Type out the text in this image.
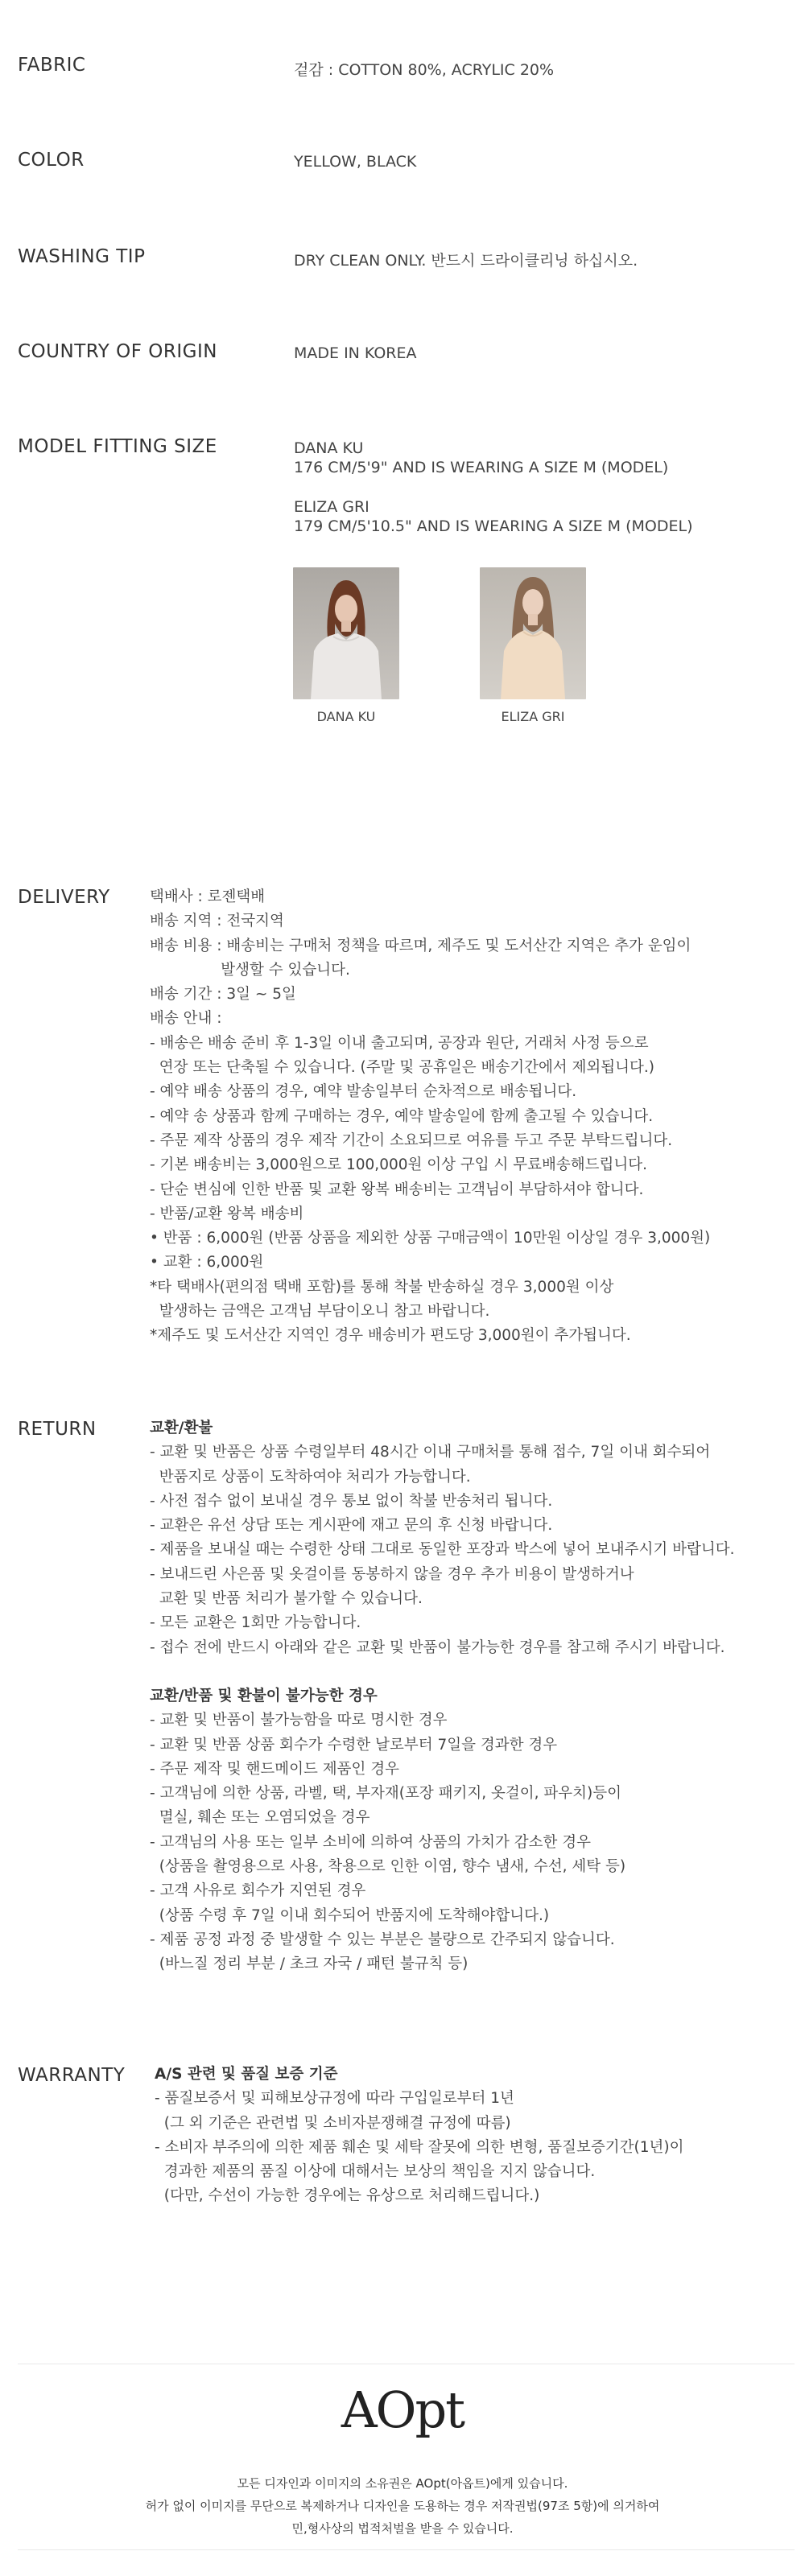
FABRIC	겉감 : COTTON 80%, ACRYLIC 20%
COLOR	YELLOW, BLACK
WASHING TIP	DRY CLEAN ONLY. 반드시 드라이클리닝 하십시오.
COUNTRY OF ORIGIN	MADE IN KOREA
MODEL FITTING SIZE	DANA KU
176 CM/5'9" AND IS WEARING A SIZE M (MODEL)
ELIZA GRI
179 CM/5'10.5" AND IS WEARING A SIZE M (MODEL)
DANA KU	ELIZA GRI
DELIVERY	택배사 : 로젠택배
배송 지역 : 전국지역
배송 비용 : 배송비는 구매처 정책을 따르며, 제주도 및 도서산간 지역은 추가 운임이
발생할 수 있습니다.
배송 기간 : 3일 ~ 5일
배송 안내 :
- 배송은 배송 준비 후 1-3일 이내 출고되며, 공장과 원단, 거래처 사정 등으로
연장 또는 단축될 수 있습니다. (주말 및 공휴일은 배송기간에서 제외됩니다.)
- 예약 배송 상품의 경우, 예약 발송일부터 순차적으로 배송됩니다.
- 예약 송 상품과 함께 구매하는 경우, 예약 발송일에 함께 출고될 수 있습니다.
- 주문 제작 상품의 경우 제작 기간이 소요되므로 여유를 두고 주문 부탁드립니다.
- 기본 배송비는 3,000원으로 100,000원 이상 구입 시 무료배송해드립니다.
- 단순 변심에 인한 반품 및 교환 왕복 배송비는 고객님이 부담하셔야 합니다.
- 반품/교환 왕복 배송비
• 반품 : 6,000원 (반품 상품을 제외한 상품 구매금액이 10만원 이상일 경우 3,000원)
• 교환 : 6,000원
*타 택배사(편의점 택배 포함)를 통해 착불 반송하실 경우 3,000원 이상
발생하는 금액은 고객님 부담이오니 참고 바랍니다.
*제주도 및 도서산간 지역인 경우 배송비가 편도당 3,000원이 추가됩니다.
RETURN	교환/환불
- 교환 및 반품은 상품 수령일부터 48시간 이내 구매처를 통해 접수, 7일 이내 회수되어
반품지로 상품이 도착하여야 처리가 가능합니다.
- 사전 접수 없이 보내실 경우 통보 없이 착불 반송처리 됩니다.
- 교환은 유선 상담 또는 게시판에 재고 문의 후 신청 바랍니다.
- 제품을 보내실 때는 수령한 상태 그대로 동일한 포장과 박스에 넣어 보내주시기 바랍니다.
- 보내드린 사은품 및 옷걸이를 동봉하지 않을 경우 추가 비용이 발생하거나
교환 및 반품 처리가 불가할 수 있습니다.
- 모든 교환은 1회만 가능합니다.
- 접수 전에 반드시 아래와 같은 교환 및 반품이 불가능한 경우를 참고해 주시기 바랍니다.
교환/반품 및 환불이 불가능한 경우
- 교환 및 반품이 불가능함을 따로 명시한 경우
- 교환 및 반품 상품 회수가 수령한 날로부터 7일을 경과한 경우
- 주문 제작 및 핸드메이드 제품인 경우
- 고객님에 의한 상품, 라벨, 택, 부자재(포장 패키지, 옷걸이, 파우치)등이
멸실, 훼손 또는 오염되었을 경우
- 고객님의 사용 또는 일부 소비에 의하여 상품의 가치가 감소한 경우
(상품을 촬영용으로 사용, 착용으로 인한 이염, 향수 냄새, 수선, 세탁 등)
- 고객 사유로 회수가 지연된 경우
(상품 수령 후 7일 이내 회수되어 반품지에 도착해야합니다.)
- 제품 공정 과정 중 발생할 수 있는 부분은 불량으로 간주되지 않습니다.
(바느질 정리 부분 / 초크 자국 / 패턴 불규칙 등)
WARRANTY A/S 관련 및 품질 보증 기준
- 품질보증서 및 피해보상규정에 따라 구입일로부터 1년
(그 외 기준은 관련법 및 소비자분쟁해결 규정에 따름)
- 소비자 부주의에 의한 제품 훼손 및 세탁 잘못에 의한 변형, 품질보증기간(1년)이
경과한 제품의 품질 이상에 대해서는 보상의 책임을 지지 않습니다.
(다만, 수선이 가능한 경우에는 유상으로 처리해드립니다.)
AOpt
모든 디자인과 이미지의 소유권은 AOpt(아옵트)에게 있습니다.
허가 없이 이미지를 무단으로 복제하거나 디자인을 도용하는 경우 저작권법(97조 5항)에 의거하여
민,형사상의 법적처벌을 받을 수 있습니다.
